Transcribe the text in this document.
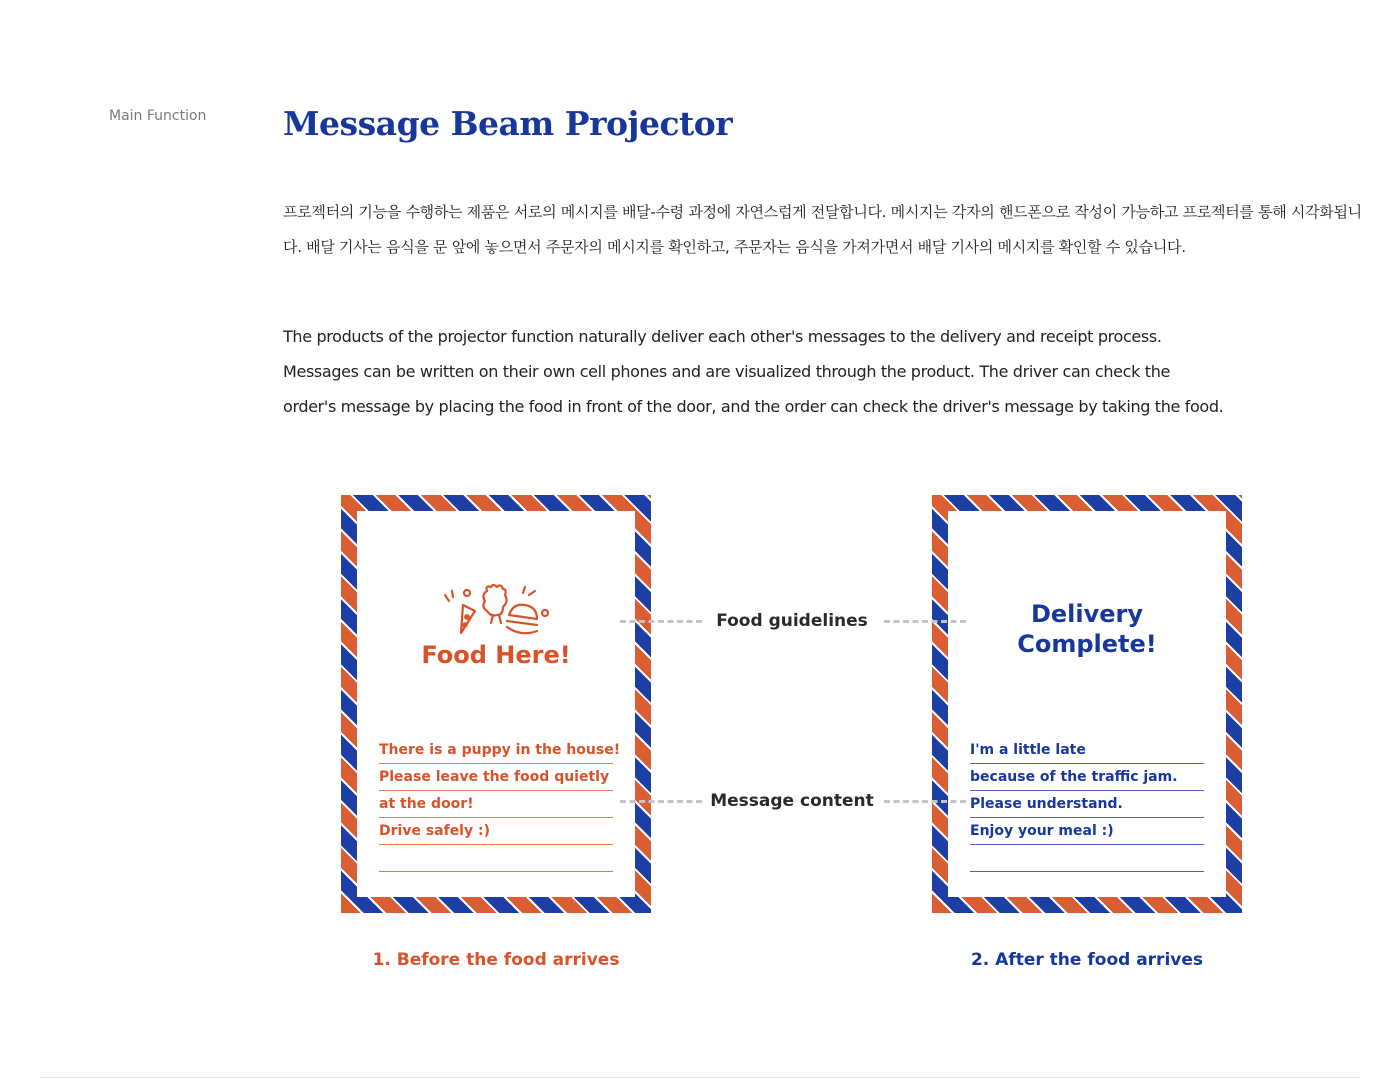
Main Function Message Beam Projector

프로젝터의 기능을 수행하는 제품은 서로의 메시지를 배달-수령 과정에 자연스럽게 전달합니다. 메시지는 각자의 핸드폰으로 작성이 가능하고 프로젝터를 통해 시각화됩니다. 배달 기사는 음식을 문 앞에 놓으면서 주문자의 메시지를 확인하고, 주문자는 음식을 가져가면서 배달 기사의 메시지를 확인할 수 있습니다.

The products of the projector function naturally deliver each other's messages to the delivery and receipt process.
Messages can be written on their own cell phones and are visualized through the product. The driver can check the
order's message by placing the food in front of the door, and the order can check the driver's message by taking the food.

Food Here!
There is a puppy in the house!
Please leave the food quietly
at the door!
Drive safely :)
Delivery
Complete!
I'm a little late
because of the traffic jam.
Please understand.
Enjoy your meal :)
Food guidelines
Message content
1. Before the food arrives	2. After the food arrives
